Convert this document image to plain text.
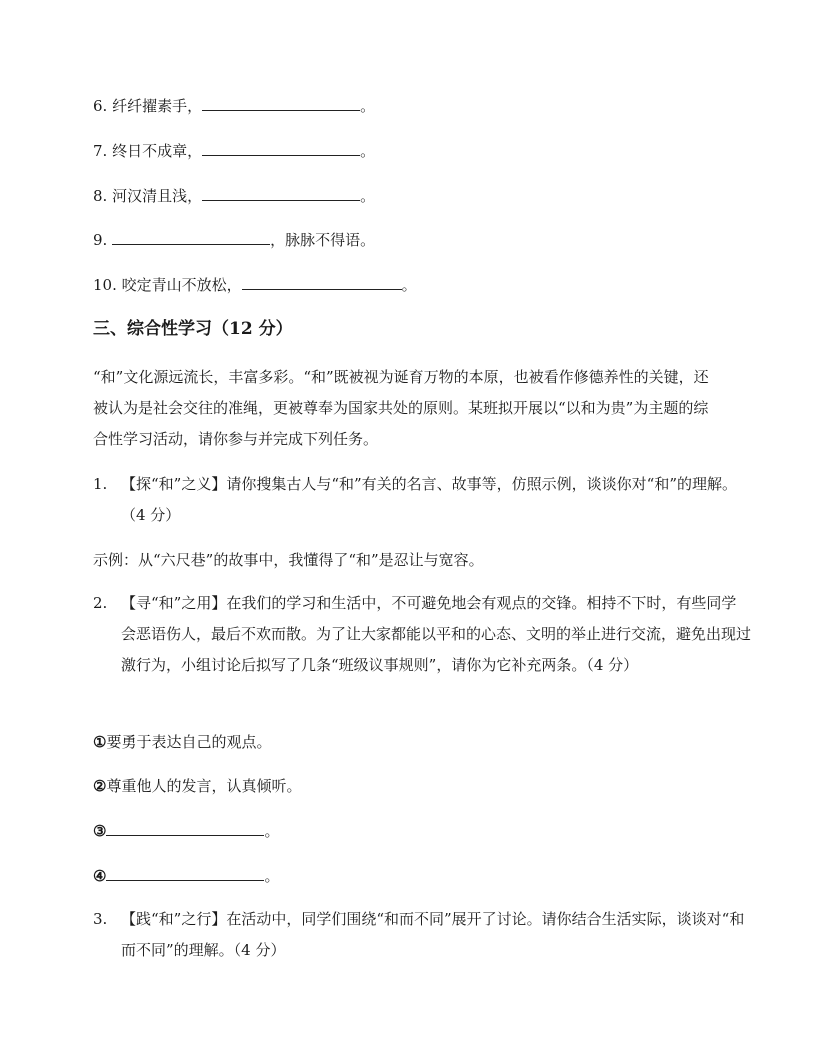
6. 纤纤擢素手，	。
7. 终日不成章，	。
8. 河汉清且浅，	。
9.	，脉脉不得语。
10. 咬定青山不放松，	。
三、综合性学习（12 分）
“和”文化源远流长，丰富多彩。“和”既被视为诞育万物的本原，也被看作修德养性的关键，还被认为是社会交往的准绳，更被尊奉为国家共处的原则。某班拟开展以“以和为贵”为主题的综合性学习活动，请你参与并完成下列任务。
1. 【探“和”之义】请你搜集古人与“和”有关的名言、故事等，仿照示例，谈谈你对“和”的理解。（4 分）
示例：从“六尺巷”的故事中，我懂得了“和”是忍让与宽容。
2. 【寻“和”之用】在我们的学习和生活中，不可避免地会有观点的交锋。相持不下时，有些同学会恶语伤人，最后不欢而散。为了让大家都能以平和的心态、文明的举止进行交流，避免出现过激行为，小组讨论后拟写了几条“班级议事规则”，请你为它补充两条。（4 分）
①要勇于表达自己的观点。
②尊重他人的发言，认真倾听。
③	。
④	。
3. 【践“和”之行】在活动中，同学们围绕“和而不同”展开了讨论。请你结合生活实际，谈谈对“和而不同”的理解。（4 分）
